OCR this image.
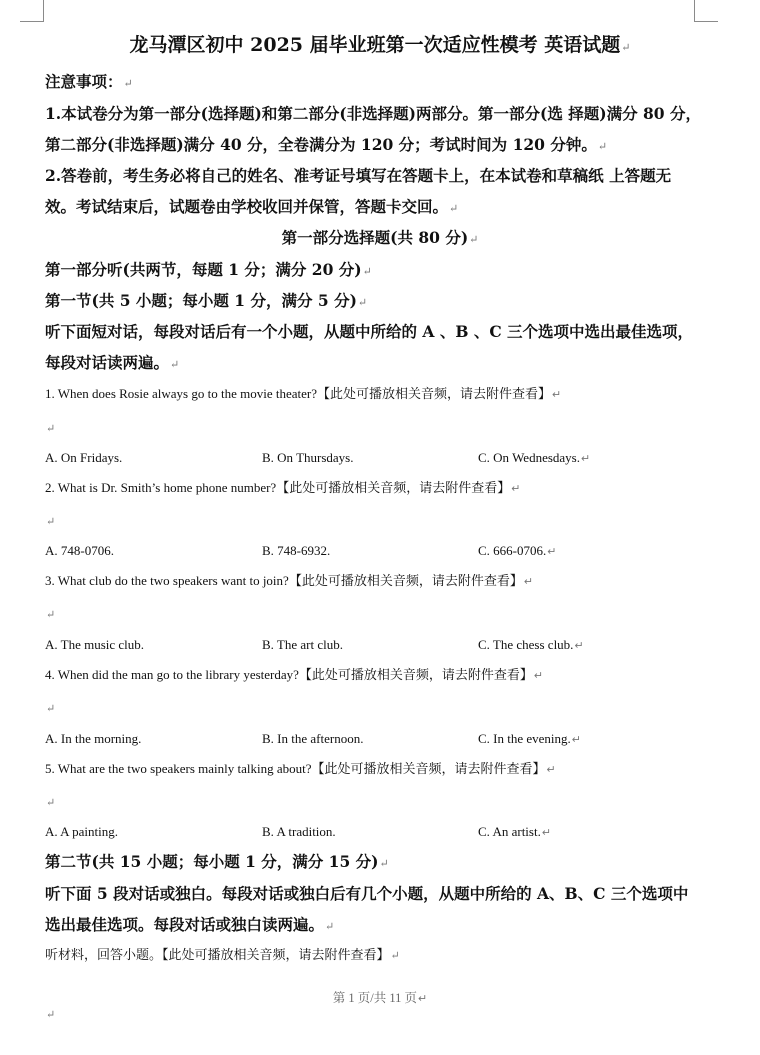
龙马潭区初中 2025 届毕业班第一次适应性模考 英语试题↵
注意事项：↵
1.本试卷分为第一部分(选择题)和第二部分(非选择题)两部分。第一部分(选 择题)满分 80 分，
第二部分(非选择题)满分 40 分，全卷满分为 120 分；考试时间为 120 分钟。↵
2.答卷前，考生务必将自己的姓名、准考证号填写在答题卡上，在本试卷和草稿纸 上答题无
效。考试结束后，试题卷由学校收回并保管，答题卡交回。↵
第一部分选择题(共 80 分)↵
第一部分听(共两节，每题 1 分；满分 20 分)↵
第一节(共 5 小题；每小题 1 分，满分 5 分)↵
听下面短对话，每段对话后有一个小题，从题中所给的 A 、B 、C 三个选项中选出最佳选项，
每段对话读两遍。↵
1. When does Rosie always go to the movie theater?【此处可播放相关音频，请去附件查看】↵
↵
A. On Fridays.	B. On Thursdays.	C. On Wednesdays.↵
2. What is Dr. Smith’s home phone number?【此处可播放相关音频，请去附件查看】↵
↵
A. 748-0706.	B. 748-6932.	C. 666-0706.↵
3. What club do the two speakers want to join?【此处可播放相关音频，请去附件查看】↵
↵
A. The music club.	B. The art club.	C. The chess club.↵
4. When did the man go to the library yesterday?【此处可播放相关音频，请去附件查看】↵
↵
A. In the morning.	B. In the afternoon.	C. In the evening.↵
5. What are the two speakers mainly talking about?【此处可播放相关音频，请去附件查看】↵
↵
A. A painting.	B. A tradition.	C. An artist.↵
第二节(共 15 小题；每小题 1 分，满分 15 分)↵
听下面 5 段对话或独白。每段对话或独白后有几个小题，从题中所给的 A、B、C 三个选项中
选出最佳选项。每段对话或独白读两遍。↵
听材料，回答小题。【此处可播放相关音频，请去附件查看】↵
第 1 页/共 11 页↵
↵
